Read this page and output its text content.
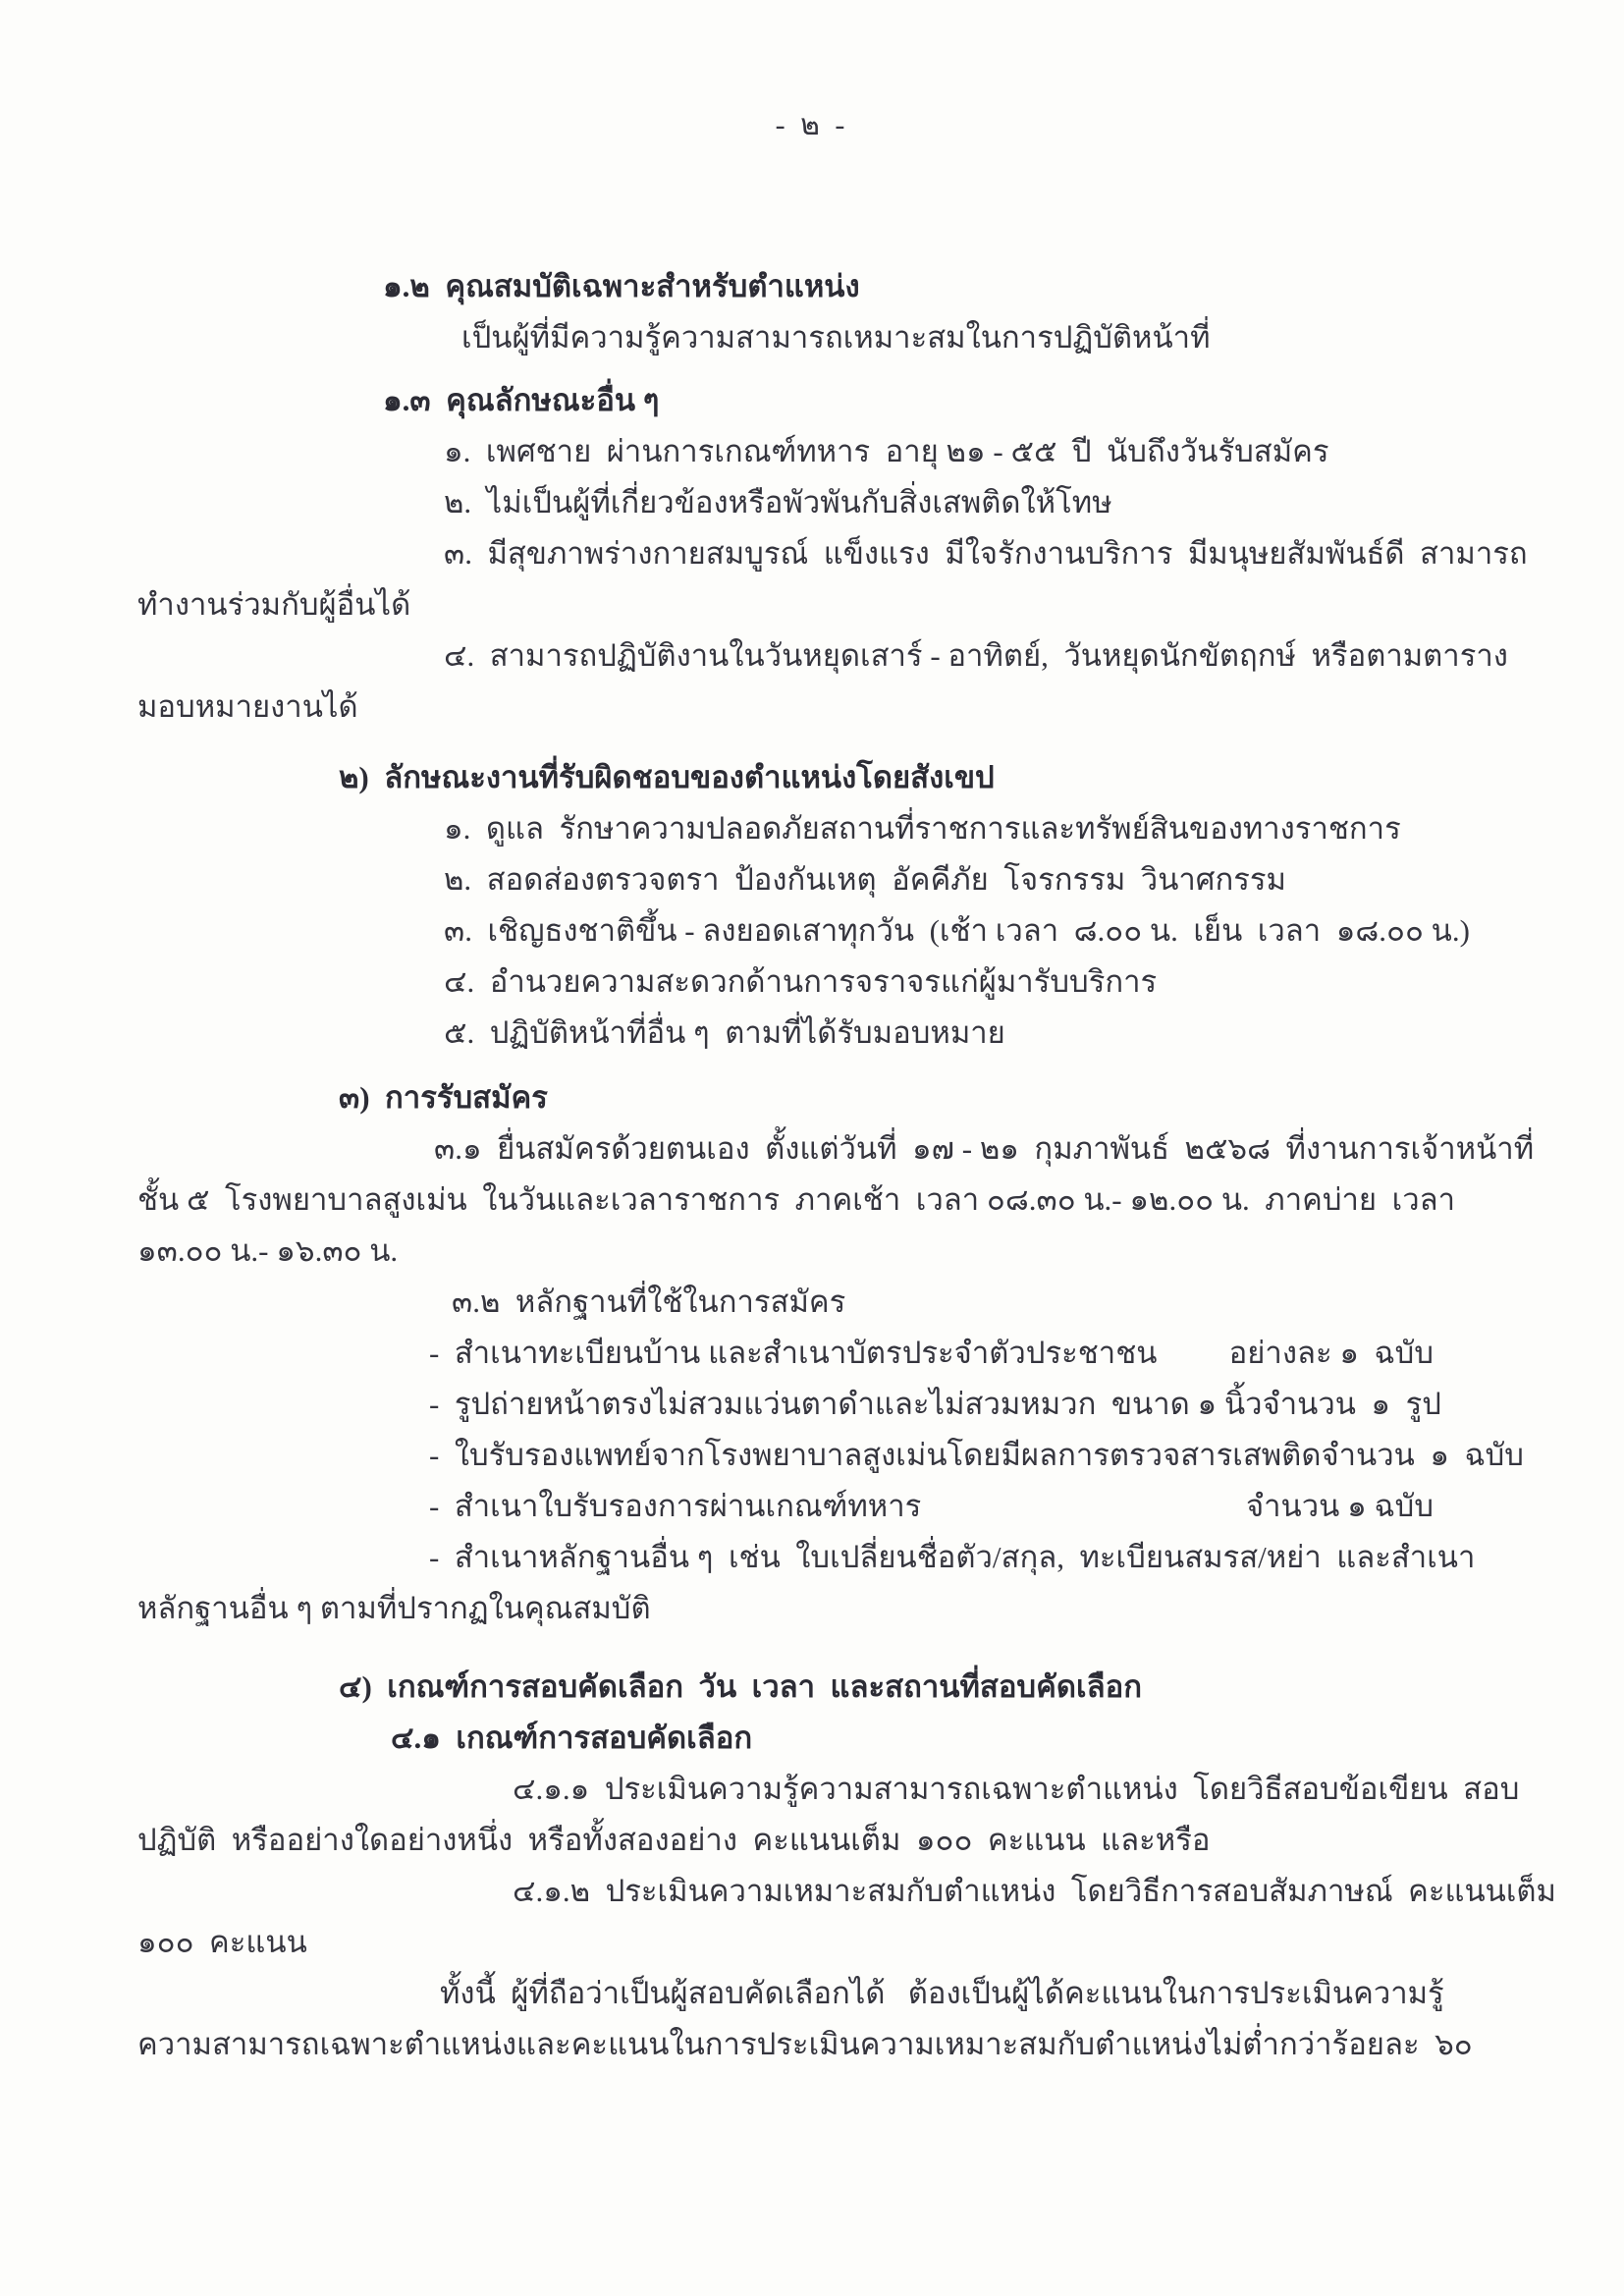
- ๒ -
๑.๒  คุณสมบัติเฉพาะสำหรับตำแหน่ง
เป็นผู้ที่มีความรู้ความสามารถเหมาะสมในการปฏิบัติหน้าที่
๑.๓  คุณลักษณะอื่น ๆ
๑.  เพศชาย  ผ่านการเกณฑ์ทหาร  อายุ ๒๑ - ๕๕  ปี  นับถึงวันรับสมัคร
๒.  ไม่เป็นผู้ที่เกี่ยวข้องหรือพัวพันกับสิ่งเสพติดให้โทษ
๓.  มีสุขภาพร่างกายสมบูรณ์  แข็งแรง  มีใจรักงานบริการ  มีมนุษยสัมพันธ์ดี  สามารถ
ทำงานร่วมกับผู้อื่นได้
๔.  สามารถปฏิบัติงานในวันหยุดเสาร์ - อาทิตย์,  วันหยุดนักขัตฤกษ์  หรือตามตาราง
มอบหมายงานได้
๒)  ลักษณะงานที่รับผิดชอบของตำแหน่งโดยสังเขป
๑.  ดูแล  รักษาความปลอดภัยสถานที่ราชการและทรัพย์สินของทางราชการ
๒.  สอดส่องตรวจตรา  ป้องกันเหตุ  อัคคีภัย  โจรกรรม  วินาศกรรม
๓.  เชิญธงชาติขึ้น - ลงยอดเสาทุกวัน  (เช้า เวลา  ๘.๐๐ น.  เย็น  เวลา  ๑๘.๐๐ น.)
๔.  อำนวยความสะดวกด้านการจราจรแก่ผู้มารับบริการ
๕.  ปฏิบัติหน้าที่อื่น ๆ  ตามที่ได้รับมอบหมาย
๓)  การรับสมัคร
๓.๑  ยื่นสมัครด้วยตนเอง  ตั้งแต่วันที่  ๑๗ - ๒๑  กุมภาพันธ์  ๒๕๖๘  ที่งานการเจ้าหน้าที่
ชั้น ๕  โรงพยาบาลสูงเม่น  ในวันและเวลาราชการ  ภาคเช้า  เวลา ๐๘.๓๐ น.- ๑๒.๐๐ น.  ภาคบ่าย  เวลา
๑๓.๐๐ น.- ๑๖.๓๐ น.
๓.๒  หลักฐานที่ใช้ในการสมัคร
-  สำเนาทะเบียนบ้าน และสำเนาบัตรประจำตัวประชาชน อย่างละ ๑  ฉบับ
-  รูปถ่ายหน้าตรงไม่สวมแว่นตาดำและไม่สวมหมวก  ขนาด ๑ นิ้ว จำนวน  ๑  รูป
-  ใบรับรองแพทย์จากโรงพยาบาลสูงเม่นโดยมีผลการตรวจสารเสพติด จำนวน  ๑  ฉบับ
-  สำเนาใบรับรองการผ่านเกณฑ์ทหาร	จำนวน ๑ ฉบับ
-  สำเนาหลักฐานอื่น ๆ  เช่น  ใบเปลี่ยนชื่อตัว/สกุล,  ทะเบียนสมรส/หย่า  และสำเนา
หลักฐานอื่น ๆ ตามที่ปรากฏในคุณสมบัติ
๔)  เกณฑ์การสอบคัดเลือก  วัน  เวลา  และสถานที่สอบคัดเลือก
๔.๑  เกณฑ์การสอบคัดเลือก
๔.๑.๑  ประเมินความรู้ความสามารถเฉพาะตำแหน่ง  โดยวิธีสอบข้อเขียน  สอบ
ปฏิบัติ  หรืออย่างใดอย่างหนึ่ง  หรือทั้งสองอย่าง  คะแนนเต็ม  ๑๐๐  คะแนน  และหรือ
๔.๑.๒  ประเมินความเหมาะสมกับตำแหน่ง  โดยวิธีการสอบสัมภาษณ์  คะแนนเต็ม
๑๐๐  คะแนน
ทั้งนี้  ผู้ที่ถือว่าเป็นผู้สอบคัดเลือกได้   ต้องเป็นผู้ได้คะแนนในการประเมินความรู้
ความสามารถเฉพาะตำแหน่งและคะแนนในการประเมินความเหมาะสมกับตำแหน่งไม่ต่ำกว่าร้อยละ  ๖๐
